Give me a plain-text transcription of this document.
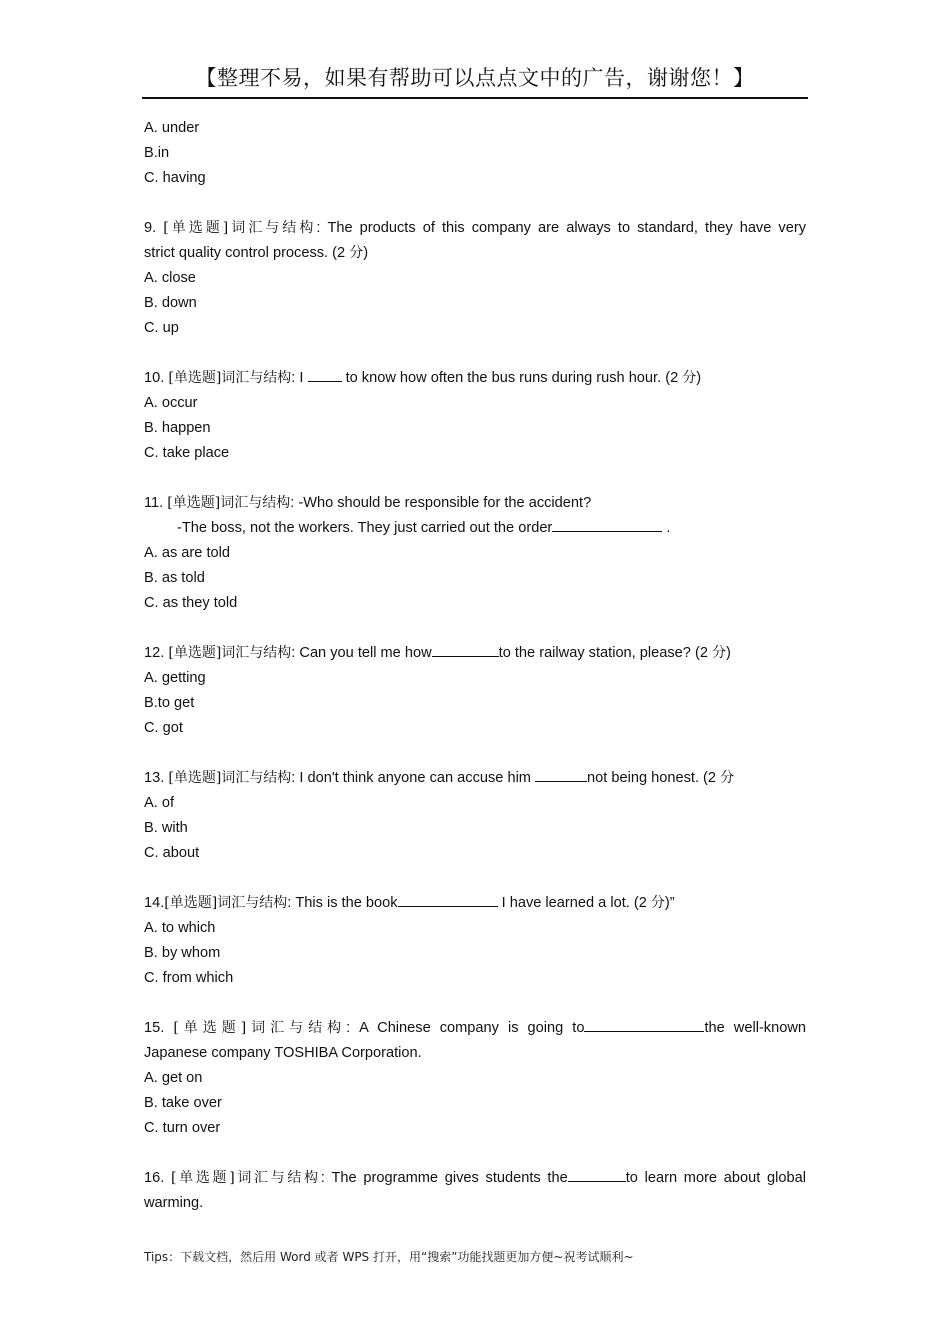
【整理不易，如果有帮助可以点点文中的广告，谢谢您！】
A. under
B.in
C. having
9. [单选题]词汇与结构: The products of this company are always to standard, they have very
strict quality control process. (2 分)
A. close
B. down
C. up
10. [单选题]词汇与结构: I  to know how often the bus runs during rush hour. (2 分)
A. occur
B. happen
C. take place
11. [单选题]词汇与结构: -Who should be responsible for the accident?
-The boss, not the workers. They just carried out the order	.
A. as are told
B. as told
C. as they told
12. [单选题]词汇与结构: Can you tell me how	to the railway station, please? (2 分)
A. getting
B.to get
C. got
13. [单选题]词汇与结构: I don't think anyone can accuse him	not being honest. (2 分
A. of
B. with
C. about
14.[单选题]词汇与结构: This is the book	I have learned a lot. (2 分)”
A. to which
B. by whom
C. from which
15. [单选题]词汇与结构: A Chinese company is going to	the well-known
Japanese company TOSHIBA Corporation.
A. get on
B. take over
C. turn over
16. [单选题]词汇与结构: The programme gives students the	to learn more about global
warming.
Tips：下载文档，然后用 Word 或者 WPS 打开，用“搜索”功能找题更加方便~祝考试顺利~
